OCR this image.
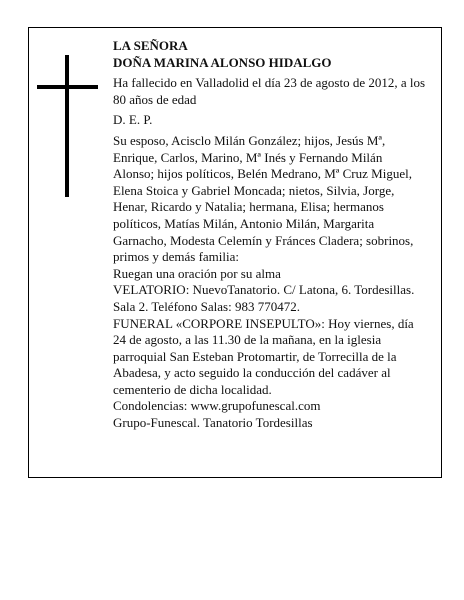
LA SEÑORA

DOÑA MARINA ALONSO HIDALGO

Ha fallecido en Valladolid el día 23 de agosto de 2012, a los 80 años de edad

D. E. P.

Su esposo, Acisclo Milán González; hijos, Jesús Mª, Enrique, Carlos, Marino, Mª Inés y Fernando Milán Alonso; hijos políticos, Belén Medrano, Mª Cruz Miguel, Elena Stoica y Gabriel Moncada; nietos, Silvia, Jorge, Henar, Ricardo y Natalia; hermana, Elisa; hermanos políticos, Matías Milán, Antonio Milán, Margarita Garnacho, Modesta Celemín y Fránces Cladera; sobrinos, primos y demás familia:

Ruegan una oración por su alma

VELATORIO: NuevoTanatorio. C/ Latona, 6. Tordesillas. Sala 2. Teléfono Salas: 983 770472.

FUNERAL «CORPORE INSEPULTO»: Hoy viernes, día 24 de agosto, a las 11.30 de la mañana, en la iglesia parroquial San Esteban Protomartir, de Torrecilla de la Abadesa, y acto seguido la conducción del cadáver al cementerio de dicha localidad.

Condolencias: www.grupofunescal.com

Grupo-Funescal. Tanatorio Tordesillas
